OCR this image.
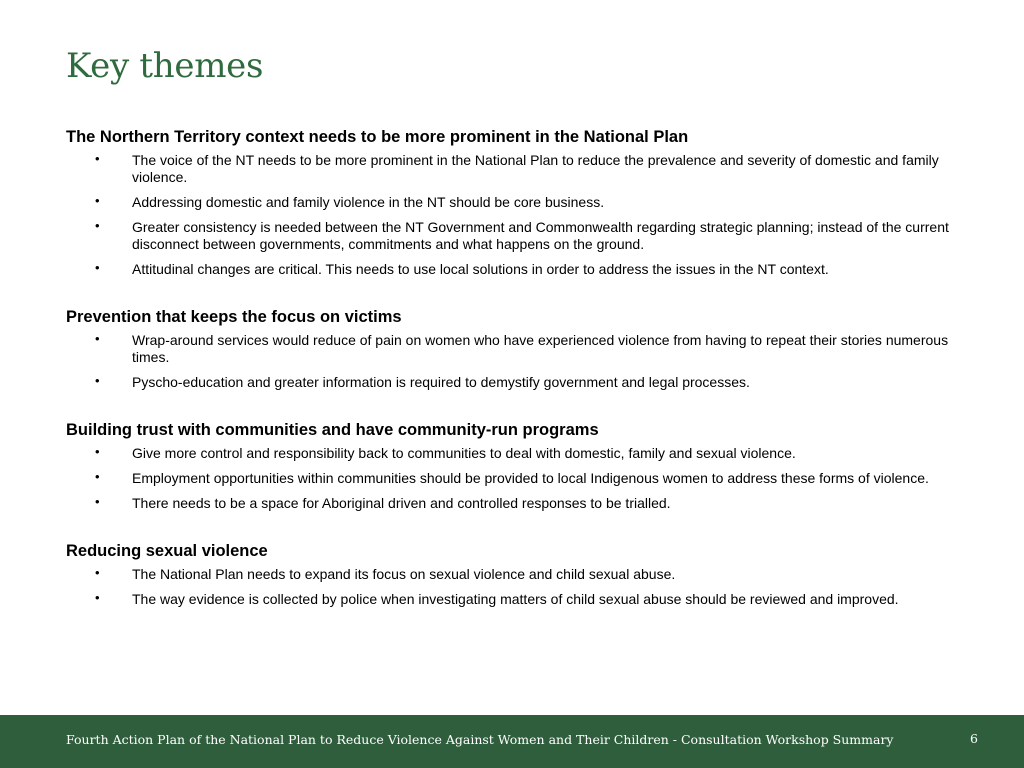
Key themes
The Northern Territory context needs to be more prominent in the National Plan
• The voice of the NT needs to be more prominent in the National Plan to reduce the prevalence and severity of domestic and family violence.
• Addressing domestic and family violence in the NT should be core business.
• Greater consistency is needed between the NT Government and Commonwealth regarding strategic planning; instead of the current disconnect between governments, commitments and what happens on the ground.
• Attitudinal changes are critical. This needs to use local solutions in order to address the issues in the NT context.
Prevention that keeps the focus on victims
• Wrap-around services would reduce of pain on women who have experienced violence from having to repeat their stories numerous times.
• Pyscho-education and greater information is required to demystify government and legal processes.
Building trust with communities and have community-run programs
• Give more control and responsibility back to communities to deal with domestic, family and sexual violence.
• Employment opportunities within communities should be provided to local Indigenous women to address these forms of violence.
• There needs to be a space for Aboriginal driven and controlled responses to be trialled.
Reducing sexual violence
• The National Plan needs to expand its focus on sexual violence and child sexual abuse.
• The way evidence is collected by police when investigating matters of child sexual abuse should be reviewed and improved.
Fourth Action Plan of the National Plan to Reduce Violence Against Women and Their Children - Consultation Workshop Summary	6
